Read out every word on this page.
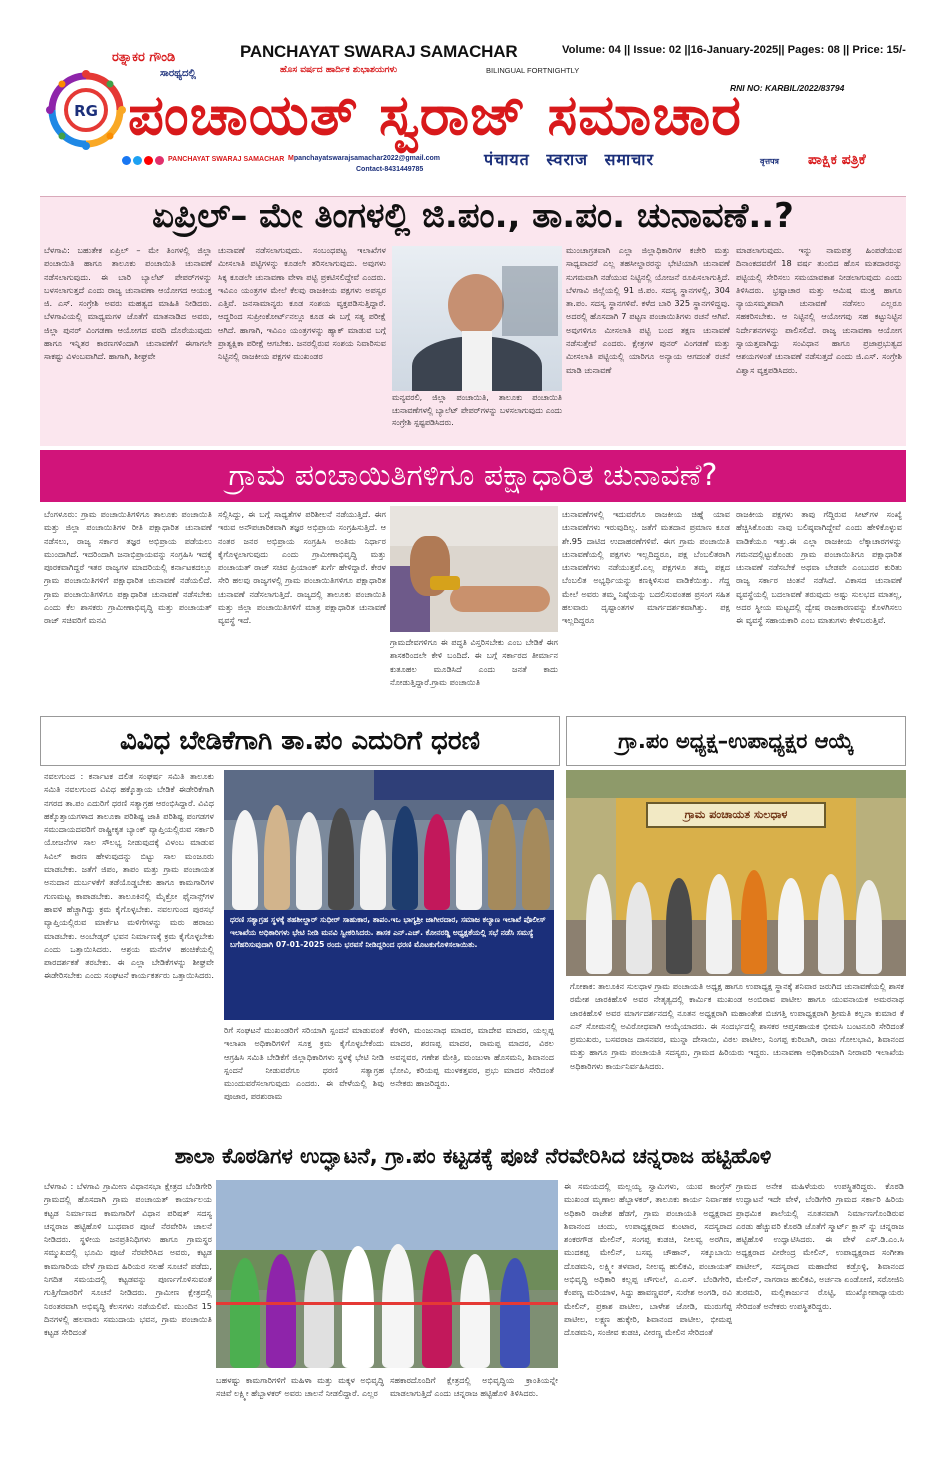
RG
ರತ್ನಾಕರ ಗೌಂಡಿ
ಸಾರಥ್ಯದಲ್ಲಿ
PANCHAYAT SWARAJ SAMACHAR
ಹೊಸ ವರ್ಷದ ಹಾರ್ದಿಕ ಶುಭಾಶಯಗಳು	BILINGUAL FORTNIGHTLY
Volume: 04 || Issue: 02 ||16-January-2025|| Pages: 08 || Price: 15/-
RNI NO: KARBIL/2022/83794
ಪಂಚಾಯತ್ ಸ್ವರಾಜ್ ಸಮಾಚಾರ
PANCHAYAT SWARAJ SAMACHAR Mpanchayatswarajsamachar2022@gmail.com
Contact-8431449785
पंचायत स्वराज समाचार	वृत्तपत्र ಪಾಕ್ಷಿಕ ಪತ್ರಿಕೆ
ಏಪ್ರಿಲ್– ಮೇ ತಿಂಗಳಲ್ಲಿ ಜಿ.ಪಂ., ತಾ.ಪಂ. ಚುನಾವಣೆ..?

ಬೆಳಗಾವಿ: ಬಹುತೇಕ ಏಪ್ರಿಲ್ – ಮೇ ತಿಂಗಳಲ್ಲಿ ಜಿಲ್ಲಾ ಪಂಚಾಯಿತಿ ಹಾಗೂ ತಾಲೂಕು ಪಂಚಾಯಿತಿ ಚುನಾವಣೆ ನಡೆಸಲಾಗುವುದು. ಈ ಬಾರಿ ಬ್ಯಾಲೆಟ್ ಪೇಪರ್‌ಗಳನ್ನು ಬಳಸಲಾಗುತ್ತದೆ ಎಂದು ರಾಜ್ಯ ಚುನಾವಣಾ ಆಯೋಗದ ಆಯುಕ್ತ ಜಿ. ಎಸ್. ಸಂಗ್ರೇಶಿ ಅವರು ಮಹತ್ವದ ಮಾಹಿತಿ ನೀಡಿದರು. ಬೆಳಗಾವಿಯಲ್ಲಿ ಮಾಧ್ಯಮಗಳ ಜೊತೆಗೆ ಮಾತನಾಡಿದ ಅವರು, ಜಿಲ್ಲಾ ಪುನರ್ ವಿಂಗಡಣಾ ಆಯೋಗದ ವರದಿ ದೊರೆಯುವುದು ಹಾಗೂ ಇನ್ನಿತರ ಕಾರಣಗಳಿಂದಾಗಿ ಚುನಾವಣೆಗೆ ಈಗಾಗಲೇ ಸಾಕಷ್ಟು ವಿಳಂಬವಾಗಿದೆ. ಹಾಗಾಗಿ, ಶೀಘ್ರವೇ

ಚುನಾವಣೆ ನಡೆಸಲಾಗುವುದು. ಸಂಬಂಧಪಟ್ಟ ಇಲಾಖೆಗಳ ಮೀಸಲಾತಿ ಪಟ್ಟಿಗಳನ್ನು ಕೂಡಲೇ ತರಿಸಲಾಗುವುದು. ಅವುಗಳು ಸಿಕ್ಕ ಕೂಡಲೇ ಚುನಾವಣಾ ವೇಳಾ ಪಟ್ಟಿ ಪ್ರಕಟಿಸಲಿದ್ದೇವೆ ಎಂದರು. ಇವಿಎಂ ಯಂತ್ರಗಳ ಮೇಲೆ ಕೆಲವು ರಾಜಕೀಯ ಪಕ್ಷಗಳು ಅಪಸ್ವರ ಎತ್ತಿವೆ. ಜನಸಾಮಾನ್ಯರು ಕೂಡ ಸಂಶಯ ವ್ಯಕ್ತಪಡಿಸುತ್ತಿದ್ದಾರೆ. ಆದ್ದರಿಂದ ಸುಪ್ರೀಂಕೋರ್ಟ್‌ನಲ್ಲೂ ಕೂಡ ಈ ಬಗ್ಗೆ ಸತ್ಯ ಪರೀಕ್ಷೆ ಆಗಿದೆ. ಹಾಗಾಗಿ, ಇವಿಎಂ ಯಂತ್ರಗಳನ್ನು ಹ್ಯಾಕ್ ಮಾಡುವ ಬಗ್ಗೆ ಪ್ರಾತ್ಯಕ್ಷಿಕಾ ಪರೀಕ್ಷೆ ಆಗಬೇಕು. ಜನರಲ್ಲಿರುವ ಸಂಶಯ ನಿವಾರಿಸುವ ನಿಟ್ಟಿನಲ್ಲಿ ರಾಜಕೀಯ ಪಕ್ಷಗಳ ಮುಖಂಡರ

ಮನ್ಯವರಲಿ, ಜಿಲ್ಲಾ ಪಂಚಾಯಿತಿ, ತಾಲೂಕು ಪಂಚಾಯಿತಿ ಚುನಾವಣೆಗಳಲ್ಲಿ ಬ್ಯಾಲೆಟ್ ಪೇಪರ್‌ಗಳನ್ನು ಬಳಸಲಾಗುವುದು ಎಂದು ಸಂಗ್ರೇಶಿ ಸ್ಪಷ್ಟಪಡಿಸಿದರು.

ಮುಂಚಾಗ್ರತವಾಗಿ ಎಲ್ಲಾ ಜಿಲ್ಲಾಧಿಕಾರಿಗಳ ಕಚೇರಿ ಮತ್ತು ಸಾಧ್ಯವಾದರೆ ಎಲ್ಲ ತಹಸೀಲ್ದಾರರನ್ನು ಭೇಟಿಯಾಗಿ ಚುನಾವಣೆ ಸುಗಮವಾಗಿ ನಡೆಯುವ ನಿಟ್ಟಿನಲ್ಲಿ ಯೋಜನೆ ರೂಪಿಸಲಾಗುತ್ತಿದೆ. ಬೆಳಗಾವಿ ಜಿಲ್ಲೆಯಲ್ಲಿ 91 ಜಿ.ಪಂ. ಸದಸ್ಯ ಸ್ಥಾನಗಳಲ್ಲಿ, 304 ತಾ.ಪಂ. ಸದಸ್ಯ ಸ್ಥಾನಗಳಿವೆ. ಕಳೆದ ಬಾರಿ 325 ಸ್ಥಾನಗಳಿದ್ದವು. ಅದರಲ್ಲಿ ಹೊಸದಾಗಿ 7 ಪಟ್ಟಣ ಪಂಚಾಯಿತಿಗಳು ರಚನೆ ಆಗಿವೆ. ಅವುಗಳಿಗೂ ಮೀಸಲಾತಿ ಪಟ್ಟಿ ಬಂದ ತಕ್ಷಣ ಚುನಾವಣೆ ನಡೆಸುತ್ತೇವೆ ಎಂದರು. ಕ್ಷೇತ್ರಗಳ ಪುನರ್ ವಿಂಗಡಣೆ ಮತ್ತು ಮೀಸಲಾತಿ ಪಟ್ಟಿಯಲ್ಲಿ ಯಾರಿಗೂ ಅನ್ಯಾಯ ಆಗದಂತೆ ರಚನೆ ಮಾಡಿ ಚುನಾವಣೆ

ಮಾಡಲಾಗುವುದು. ಇನ್ನು ನಾಮಪತ್ರ ಹಿಂಪಡೆಯುವ ದಿನಾಂಕದವರೆಗೆ 18 ವರ್ಷ ತುಂಬಿದ ಹೊಸ ಮತದಾರರನ್ನು ಪಟ್ಟಿಯಲ್ಲಿ ಸೇರಿಸಲು ಸಮಯಾವಕಾಶ ನೀಡಲಾಗುವುದು ಎಂದು ತಿಳಿಸಿದರು. ಭ್ರಷ್ಟಾಚಾರ ಮತ್ತು ಆಮಿಷ ಮುಕ್ತ ಹಾಗೂ ನ್ಯಾಯಸಮ್ಮತವಾಗಿ ಚುನಾವಣೆ ನಡೆಸಲು ಎಲ್ಲರೂ ಸಹಕರಿಸಬೇಕು. ಆ ನಿಟ್ಟಿನಲ್ಲಿ ಆಯೋಗವು ಸಹ ಕಟ್ಟುನಿಟ್ಟಿನ ನಿರ್ದೇಶನಗಳನ್ನು ಪಾಲಿಸಲಿದೆ. ರಾಜ್ಯ ಚುನಾವಣಾ ಆಯೋಗ ಸ್ವಾಯತ್ತವಾಗಿದ್ದು ಸಂವಿಧಾನ ಹಾಗೂ ಪ್ರಜಾಪ್ರಭುತ್ವದ ಆಶಯಗಳಂತೆ ಚುನಾವಣೆ ನಡೆಸುತ್ತದೆ ಎಂದು ಜಿ.ಎಸ್. ಸಂಗ್ರೇಶಿ ವಿಶ್ವಾಸ ವ್ಯಕ್ತಪಡಿಸಿದರು.

ಗ್ರಾಮ ಪಂಚಾಯಿತಿಗಳಿಗೂ ಪಕ್ಷಾಧಾರಿತ ಚುನಾವಣೆ?

ಬೆಂಗಳೂರು: ಗ್ರಾಮ ಪಂಚಾಯಿತಿಗಳಿಗೂ ತಾಲೂಕು ಪಂಚಾಯಿತಿ ಮತ್ತು ಜಿಲ್ಲಾ ಪಂಚಾಯಿತಿಗಳ ರೀತಿ ಪಕ್ಷಾಧಾರಿತ ಚುನಾವಣೆ ನಡೆಸಲು, ರಾಜ್ಯ ಸರ್ಕಾರ ತಜ್ಞರ ಅಭಿಪ್ರಾಯ ಪಡೆಯಲು ಮುಂದಾಗಿದೆ. ಇದರಿಂದಾಗಿ ಜನಾಭಿಪ್ರಾಯವನ್ನು ಸಂಗ್ರಹಿಸಿ ಇದಕ್ಕೆ ಪೂರಕವಾಗಿದ್ದರೆ ಇತರ ರಾಜ್ಯಗಳ ಮಾದರಿಯಲ್ಲಿ ಕರ್ನಾಟಕದಲ್ಲೂ ಗ್ರಾಮ ಪಂಚಾಯಿತಿಗಳಿಗೆ ಪಕ್ಷಾಧಾರಿತ ಚುನಾವಣೆ ನಡೆಯಲಿದೆ. ಗ್ರಾಮ ಪಂಚಾಯಿತಿಗಳಿಗೂ ಪಕ್ಷಾಧಾರಿತ ಚುನಾವಣೆ ನಡೆಸಬೇಕು ಎಂದು ಕೆಲ ಶಾಸಕರು ಗ್ರಾಮೀಣಾಭಿವೃದ್ಧಿ ಮತ್ತು ಪಂಚಾಯತ್ ರಾಜ್ ಸಚಿವರಿಗೆ ಮನವಿ

ಸಲ್ಲಿಸಿದ್ದು, ಈ ಬಗ್ಗೆ ಸಾಧ್ಯತೆಗಳ ಪರಿಶೀಲನೆ ನಡೆಯುತ್ತಿದೆ. ಈಗ ಇರುವ ಅನೌಪಚಾರಿಕವಾಗಿ ತಜ್ಞರ ಅಭಿಪ್ರಾಯ ಸಂಗ್ರಹಿಸುತ್ತಿದೆ. ಆ ನಂತರ ಜನರ ಅಭಿಪ್ರಾಯ ಸಂಗ್ರಹಿಸಿ ಅಂತಿಮ ನಿರ್ಧಾರ ಕೈಗೊಳ್ಳಲಾಗುವುದು ಎಂದು ಗ್ರಾಮೀಣಾಭಿವೃದ್ಧಿ ಮತ್ತು ಪಂಚಾಯತ್ ರಾಜ್ ಸಚಿವ ಪ್ರಿಯಾಂಕ್ ಖರ್ಗೆ ಹೇಳಿದ್ದಾರೆ. ಕೇರಳ ಸೇರಿ ಹಲವು ರಾಜ್ಯಗಳಲ್ಲಿ ಗ್ರಾಮ ಪಂಚಾಯಿತಿಗಳಿಗೂ ಪಕ್ಷಾಧಾರಿತ ಚುನಾವಣೆ ನಡೆಸಲಾಗುತ್ತಿದೆ. ರಾಜ್ಯದಲ್ಲಿ ತಾಲೂಕು ಪಂಚಾಯಿತಿ ಮತ್ತು ಜಿಲ್ಲಾ ಪಂಚಾಯಿತಿಗಳಿಗೆ ಮಾತ್ರ ಪಕ್ಷಾಧಾರಿತ ಚುನಾವಣೆ ವ್ಯವಸ್ಥೆ ಇದೆ.

ಗ್ರಾಮದೇವಗಳಿಗೂ ಈ ಪದ್ಧತಿ ವಿಸ್ತರಿಸಬೇಕು ಎಂಬ ಬೇಡಿಕೆ ಈಗ ಶಾಸಕರಿಂದಲೇ ಕೇಳಿ ಬಂದಿದೆ. ಈ ಬಗ್ಗೆ ಸರ್ಕಾರದ ತೀರ್ಮಾನ ಕುತೂಹಲ ಮೂಡಿಸಿದೆ ಎಂದು ಜನತೆ ಕಾದು ನೋಡುತ್ತಿದ್ದಾರೆ.ಗ್ರಾಮ ಪಂಚಾಯಿತಿ

ಚುನಾವಣೆಗಳಲ್ಲಿ ಇದುವರೆಗೂ ರಾಜಕೀಯ ಚಿಹ್ನೆ ಯಾವ ಚುನಾವಣೆಗಳು ಇರುವುದಿಲ್ಲ. ಜತೆಗೆ ಮತದಾನ ಪ್ರಮಾಣ ಕೂಡ ಶೇ.95 ದಾಟಿದ ಉದಾಹರಣೆಗಳಿವೆ. ಈಗ ಗ್ರಾಮ ಪಂಚಾಯಿತಿ ಚುನಾವಣೆಯಲ್ಲಿ ಪಕ್ಷಗಳು ಇಲ್ಲದಿದ್ದರೂ, ಪಕ್ಷ ಬೆಂಬಲಿತರಾಗಿ ಚುನಾವಣೆಗಳು ನಡೆಯುತ್ತವೆ.ಎಲ್ಲ ಪಕ್ಷಗಳೂ ತಮ್ಮ ಪಕ್ಷದ ಬೆಂಬಲಿತ ಅಭ್ಯರ್ಥಿಯನ್ನು ಕಣಕ್ಕಿಳಿಸುವ ವಾಡಿಕೆಯಿತ್ತು. ಗೆದ್ದ ಮೇಲೆ ಅವರು ತಮ್ಮ ನಿಷ್ಠೆಯನ್ನು ಬದಲಿಸುವಂತಹ ಪ್ರಸಂಗ ಸಹಿತ ಹಲವಾರು ದೃಷ್ಟಾಂತಗಳ ಮಾರ್ಗದರ್ಶಕವಾಗಿತ್ತು. ಪಕ್ಷ ಇಲ್ಲದಿದ್ದರೂ

ರಾಜಕೀಯ ಪಕ್ಷಗಳು ತಾವು ಗೆದ್ದಿರುವ ಸೀಟ್‌ಗಳ ಸಂಖ್ಯೆ ಹೆಚ್ಚಿಸಿಕೊಂಡು ನಾವು ಬಲಿಷ್ಠವಾಗಿದ್ದೇವೆ ಎಂದು ಹೇಳಿಕೊಳ್ಳುವ ವಾಡಿಕೆಯೂ ಇತ್ತು.ಈ ಎಲ್ಲಾ ರಾಜಕೀಯ ಲೆಕ್ಕಾಚಾರಗಳನ್ನು ಗಮನದಲ್ಲಿಟ್ಟುಕೊಂಡು ಗ್ರಾಮ ಪಂಚಾಯಿತಿಗೂ ಪಕ್ಷಾಧಾರಿತ ಚುನಾವಣೆ ನಡೆಸಬೇಕೆ ಅಥವಾ ಬೇಡವೇ ಎಂಬುದರ ಕುರಿತು ರಾಜ್ಯ ಸರ್ಕಾರ ಚಿಂತನೆ ನಡೆಸಿದೆ. ವಿಕಾಸದ ಚುನಾವಣೆ ವ್ಯವಸ್ಥೆಯಲ್ಲಿ ಬದಲಾವಣೆ ತರುವುದು ಅಷ್ಟು ಸುಲಭದ ಮಾತಲ್ಲ, ಅದರ ಸ್ಥೀಯ ಮಟ್ಟದಲ್ಲಿ ದ್ವೇಷ ರಾಜಕಾರಣವನ್ನು ಕೊಳಗಿಸಲು ಈ ವ್ಯವಸ್ಥೆ ಸಹಾಯಕಾರಿ ಎಂಬ ಮಾತುಗಳು ಕೇಳಿಬರುತ್ತಿವೆ.

ವಿವಿಧ ಬೇಡಿಕೆಗಾಗಿ ತಾ.ಪಂ ಎದುರಿಗೆ ಧರಣಿ

ನವಲಗುಂದ : ಕರ್ನಾಟಕ ದಲಿತ ಸಂಘರ್ಷ ಸಮಿತಿ ತಾಲೂಕು ಸಮಿತಿ ನವಲಗುಂದ ವಿವಿಧ ಹಕ್ಕೊತ್ತಾಯ ಬೇಡಿಕೆ ಈಡೇರಿಕೆಗಾಗಿ ನಗರದ ತಾ.ಪಂ ಎದುರಿಗೆ ಧರಣಿ ಸತ್ಯಾಗ್ರಹ ಆರಂಭಿಸಿದ್ದಾರೆ. ವಿವಿಧ ಹಕ್ಕೊತ್ತಾಯಗಳಾದ ತಾಲೂಕಾ ಪರಿಶಿಷ್ಟ ಜಾತಿ ಪರಿಶಿಷ್ಟ ಪಂಗಡಗಳ ಸಮುದಾಯದವರಿಗೆ ರಾಷ್ಟ್ರೀಕೃತ ಬ್ಯಾಂಕ್ ವ್ಯಾಪ್ತಿಯಲ್ಲಿರುವ ಸರ್ಕಾರಿ ಯೋಜನೆಗಳ ಸಾಲ ಸೌಲಭ್ಯ ನೀಡುವುದಕ್ಕೆ ವಿಳಂಬ ಮಾಡುವ ಸಿವಿಲ್ ಕಾರಣ ಹೇಳುವುದನ್ನು ಬಿಟ್ಟು ಸಾಲ ಮಂಜೂರು ಮಾಡಬೇಕು. ಜತೆಗೆ ಜಿಪಂ, ತಾಪಂ ಮತ್ತು ಗ್ರಾಮ ಪಂಚಾಯತ ಅನುದಾನ ದುರ್ಬಳಕೆಗೆ ತಡೆಯೊಡ್ಡಬೇಕು ಹಾಗೂ ಕಾಮಗಾರಿಗಳ ಗುಣಮಟ್ಟ ಕಾಪಾಡಬೇಕು. ತಾಲೂಕಿನಲ್ಲಿ ಮೈಕ್ರೋ ಫೈನಾನ್ಸ್‌ಗಳ ಹಾವಳಿ ಹೆಚ್ಚಾಗಿದ್ದು ಕ್ರಮ ಕೈಗೊಳ್ಳಬೇಕು. ನವಲಗುಂದ ಪುರಸಭೆ ವ್ಯಾಪ್ತಿಯಲ್ಲಿರುವ ಮಾರ್ಕೆಟ ಮಳಿಗೆಗಳನ್ನು ಮರು ಹರಾಜು ಮಾಡಬೇಕು. ಅಂಬೇಡ್ಕರ್ ಭವನ ನಿರ್ಮಾಣಕ್ಕೆ ಕ್ರಮ ಕೈಗೊಳ್ಳಬೇಕು ಎಂದು ಒತ್ತಾಯಿಸಿದರು. ಆಶ್ರಯ ಮನೆಗಳ ಹಂಚಿಕೆಯಲ್ಲಿ ಪಾರದರ್ಶಕತೆ ತರಬೇಕು. ಈ ಎಲ್ಲಾ ಬೇಡಿಕೆಗಳನ್ನು ಶೀಘ್ರವೇ ಈಡೇರಿಸಬೇಕು ಎಂದು ಸಂಘಟನೆ ಕಾರ್ಯಕರ್ತರು ಒತ್ತಾಯಿಸಿದರು.

ಧರಣಿ ಸತ್ಯಾಗ್ರಹ ಸ್ಥಳಕ್ಕೆ ತಹಶೀಲ್ದಾರ್ ಸುಧೀರ್ ಸಾಹುಕಾರ, ತಾಪಂ.ಇಒ ಭಾಗ್ಯಶ್ರೀ ಜಾಗೀರದಾರ, ಸಮಾಜ ಕಲ್ಯಾಣ ಇಲಾಖೆ ಪೊಲೀಸ್ ಇಲಾಖೆಯ ಅಧಿಕಾರಿಗಳು ಭೇಟಿ ನೀಡಿ ಮನವಿ ಸ್ವೀಕರಿಸಿದರು. ಶಾಸಕ ಎನ್.ಎಚ್. ಕೋನರಡ್ಡಿ ಅಧ್ಯಕ್ಷತೆಯಲ್ಲಿ ಸಭೆ ನಡೆಸಿ ಸಮಸ್ಯೆ ಬಗೆಹರಿಸುವುದಾಗಿ 07-01-2025 ರಂದು ಭರವಸೆ ನೀಡಿದ್ದರಿಂದ ಧರಣಿ ಮೊಟಕುಗೊಳಿಸಲಾಯಿತು.

ರಿಗೆ ಸಂಘಟನೆ ಮುಖಂಡರಿಗೆ ಸರಿಯಾಗಿ ಸ್ಪಂದನೆ ಮಾಡುವಂತೆ ಇಲಾಖಾ ಅಧಿಕಾರಿಗಳಿಗೆ ಸೂಕ್ತ ಕ್ರಮ ಕೈಗೊಳ್ಳಬೇಕೆಂದು ಆಗ್ರಹಿಸಿ ಸಮಿತಿ ಬೇಡಿಕೆಗೆ ಜಿಲ್ಲಾಧಿಕಾರಿಗಳು ಸ್ಥಳಕ್ಕೆ ಭೇಟಿ ನೀಡಿ ಸ್ಪಂದನೆ ನೀಡುವರೆಗೂ ಧರಣಿ ಸತ್ಯಾಗ್ರಹ ಮುಂದುವರೆಸಲಾಗುವುದು ಎಂದರು. ಈ ವೇಳೆಯಲ್ಲಿ ಶಿವು ಪೂಜಾರ, ಪರಶುರಾಮ

ಕೆರಳಿಗಿ, ಮಂಜುನಾಥ ಮಾದರ, ಮಾದೇವ ಮಾದರ, ಯಲ್ಲಪ್ಪ ಮಾದರ, ಶರಣಪ್ಪ ಮಾದರ, ರಾಮಪ್ಪ ಮಾದರ, ವಿಠಲ ಅವನ್ನವರ, ಗಣೇಶ ಮೇತ್ರಿ, ಮಂಜುಳಾ ಹೊಸಮನಿ, ಶಿವಾನಂದ ಭೋವಿ, ಕರಿಯಪ್ಪ ಮುಳಕತ್ತವರ, ಪ್ರಭು ಮಾದರ ಸೇರಿದಂತೆ ಅನೇಕರು ಹಾಜರಿದ್ದರು.

ಗ್ರಾ.ಪಂ ಅಧ್ಯಕ್ಷ–ಉಪಾಧ್ಯಕ್ಷರ ಆಯ್ಕೆ
ಗ್ರಾಮ ಪಂಚಾಯತ ಸುಲಧಾಳ

ಗೋಕಾಕ: ತಾಲೂಕಿನ ಸುಲಧಾಳ ಗ್ರಾಮ ಪಂಚಾಯತಿ ಅಧ್ಯಕ್ಷ ಹಾಗೂ ಉಪಾಧ್ಯಕ್ಷ ಸ್ಥಾನಕ್ಕೆ ಶನಿವಾರ ಜರುಗಿದ ಚುನಾವಣೆಯಲ್ಲಿ ಶಾಸಕ ರಮೇಶ ಜಾರಕಿಹೊಳಿ ಅವರ ನೇತೃತ್ವದಲ್ಲಿ ಕಾರ್ಮಿಕ ಮುಖಂಡ ಅಂಬಿರಾವ ಪಾಟೀಲ ಹಾಗೂ ಯುವನಾಯಕ ಅಮರನಾಥ ಜಾರಕಿಹೊಳಿ ಅವರ ಮಾರ್ಗದರ್ಶನದಲ್ಲಿ ನೂತನ ಅಧ್ಯಕ್ಷರಾಗಿ ಮಹಾಂತೇಶ ಬಿಚಗತ್ತಿ ಉಪಾಧ್ಯಕ್ಷರಾಗಿ ಶ್ರೀಮತಿ ಕಲ್ಪನಾ ಕುಮಾರ ಕೆ ಎನ್ ಸೋಮನಲ್ಲಿ ಅವಿರೋಧವಾಗಿ ಆಯ್ಕೆಯಾದರು. ಈ ಸಂದರ್ಭದಲ್ಲಿ ಶಾಸಕರ ಆಪ್ತಸಹಾಯಕ ಭೀಮಸಿ ಬಂಟನೂರಿ ಸೇರಿದಂತೆ ಪ್ರಮುಖರು, ಬಸವರಾಜ ದಾಸನವರ, ಮುನ್ನಾ ದೇಸಾಯಿ, ವಿಠಲ ಪಾಟೀಲ, ನಿಂಗಪ್ಪ ಕುರಿಬಾಗಿ, ರಾಜು ಗೋಲಭಾವಿ, ಶಿವಾನಂದ ಮತ್ತು ಹಾಗೂ ಗ್ರಾಮ ಪಂಚಾಯತಿ ಸದಸ್ಯರು, ಗ್ರಾಮದ ಹಿರಿಯರು ಇದ್ದರು. ಚುನಾವಣಾ ಅಧಿಕಾರಿಯಾಗಿ ನೀರಾವರಿ ಇಲಾಖೆಯ ಅಧಿಕಾರಿಗಳು ಕಾರ್ಯನಿರ್ವಹಿಸಿದರು.

ಶಾಲಾ ಕೊಠಡಿಗಳ ಉದ್ಘಾಟನೆ, ಗ್ರಾ.ಪಂ ಕಟ್ಟಡಕ್ಕೆ ಪೂಜೆ ನೆರವೇರಿಸಿದ ಚನ್ನರಾಜ ಹಟ್ಟಿಹೊಳಿ

ಬೆಳಗಾವಿ : ಬೆಳಗಾವಿ ಗ್ರಾಮೀಣ ವಿಧಾನಸಭಾ ಕ್ಷೇತ್ರದ ಬೆಂಡಿಗೇರಿ ಗ್ರಾಮದಲ್ಲಿ ಹೊಸದಾಗಿ ಗ್ರಾಮ ಪಂಚಾಯತ್ ಕಾರ್ಯಾಲಯ ಕಟ್ಟಡ ನಿರ್ಮಾಣದ ಕಾಮಗಾರಿಗೆ ವಿಧಾನ ಪರಿಷತ್ ಸದಸ್ಯ ಚನ್ನರಾಜ ಹಟ್ಟಿಹೊಳಿ ಬುಧವಾರ ಪೂಜೆ ನೆರವೇರಿಸಿ ಚಾಲನೆ ನೀಡಿದರು. ಸ್ಥಳೀಯ ಜನಪ್ರತಿನಿಧಿಗಳು ಹಾಗೂ ಗ್ರಾಮಸ್ಥರ ಸಮ್ಮುಖದಲ್ಲಿ ಭೂಮಿ ಪೂಜೆ ನೆರವೇರಿಸಿದ ಅವರು, ಕಟ್ಟಡ ಕಾಮಗಾರಿಯ ವೇಳೆ ಗ್ರಾಮದ ಹಿರಿಯರ ಸಲಹೆ ಸೂಚನೆ ಪಡೆದು, ನಿಗದಿತ ಸಮಯದಲ್ಲಿ ಕಟ್ಟಡವನ್ನು ಪೂರ್ಣಗೊಳಿಸುವಂತೆ ಗುತ್ತಿಗೆದಾರರಿಗೆ ಸೂಚನೆ ನೀಡಿದರು. ಗ್ರಾಮೀಣ ಕ್ಷೇತ್ರದಲ್ಲಿ ನಿರಂತರವಾಗಿ ಅಭಿವೃದ್ಧಿ ಕೆಲಸಗಳು ನಡೆಯಲಿವೆ. ಮುಂದಿನ 15 ದಿನಗಳಲ್ಲಿ ಹಲವಾರು ಸಮುದಾಯ ಭವನ, ಗ್ರಾಮ ಪಂಚಾಯಿತಿ ಕಟ್ಟಡ ಸೇರಿದಂತೆ

ಬಹಳಷ್ಟು ಕಾಮಗಾರಿಗಳಿಗೆ ಮಹಿಳಾ ಮತ್ತು ಮಕ್ಕಳ ಅಭಿವೃದ್ಧಿ ಸಚಿವೆ ಲಕ್ಷ್ಮೀ ಹೆಬ್ಬಾಳಕರ್ ಅವರು ಚಾಲನೆ ನೀಡಲಿದ್ದಾರೆ. ಎಲ್ಲರ

ಸಹಕಾರದೊಂದಿಗೆ ಕ್ಷೇತ್ರದಲ್ಲಿ ಅಭಿವೃದ್ಧಿಯ ಕ್ರಾಂತಿಯನ್ನೇ ಮಾಡಲಾಗುತ್ತಿದೆ ಎಂದು ಚನ್ನರಾಜ ಹಟ್ಟಿಹೊಳಿ ತಿಳಿಸಿದರು.

ಈ ಸಮಯದಲ್ಲಿ ಮಲ್ಲಯ್ಯ ಸ್ವಾಮಿಗಳು, ಯುವ ಕಾಂಗ್ರೆಸ್ ಮುಖಂಡ ಮೃಣಾಲ ಹೆಬ್ಬಾಳಕರ್, ತಾಲೂಕು ಕಾರ್ಯ ನಿರ್ವಾಹಕ ಅಧಿಕಾರಿ ರಾಜೇಶ ಹೆಡಗೆ, ಗ್ರಾಮ ಪಂಚಾಯತಿ ಅಧ್ಯಕ್ಷರಾದ ಶಿವಾನಂದ ಚಂದು, ಉಪಾಧ್ಯಕ್ಷರಾದ ಕುಂಟಾರ, ಸದಸ್ಯರಾದ ಶಂಕರಗೌಡ ಮೇಲಿನ್, ಸಂಗಪ್ಪ ಕುಡಚಿ, ನೀಲವ್ವ ಅರಗಿಣ, ಮುದಕಪ್ಪ ಮೇಲಿನ್, ಬಸವ್ವ ಚೌಹಾನ್, ಸಕ್ಕೂಬಾಯಿ ದೊಡಮನಿ, ಲಕ್ಷ್ಮೀ ತಳವಾರ, ನೀಲವ್ವ ಹುಲಿಕವಿ, ಪಂಚಾಯತ್ ಅಭಿವೃದ್ಧಿ ಅಧಿಕಾರಿ ಕಲ್ಲಪ್ಪ ಚೌಗುಲೆ, ಎ.ಎಸ್. ಬೆಂಡಿಗೇರಿ, ಕೆಂಪಣ್ಣ ಮರಿಯಾಳ, ಸಿದ್ದು ಹಾವಣ್ಣವರ್, ಸುರೇಶ ಅಂಗಡಿ, ರವಿ ಮೇಲಿನ್, ಪ್ರಕಾಶ ಪಾಟೀಲ, ಬಾಳೇಶ ಜೋಡಿ, ಮುರುಗೆಪ್ಪ ಪಾಟೀಲ, ಲಕ್ಷ್ಮಣ ಹುಕ್ಕೇರಿ, ಶಿವಾನಂದ ಪಾಟೀಲ, ಭೀಮಪ್ಪ ದೊಡಮನಿ, ಸಂಜೀವ ಕುಡಚಿ, ವೀರಣ್ಣ ಮೇಲಿನ ಸೇರಿದಂತೆ

ಗ್ರಾಮದ ಅನೇಕ ಮಹಿಳೆಯರು ಉಪಸ್ಥಿತರಿದ್ದರು. ಕೊಠಡಿ ಉದ್ಘಾಟನೆ ಇದೇ ವೇಳೆ, ಬೆಂಡಿಗೇರಿ ಗ್ರಾಮದ ಸರ್ಕಾರಿ ಹಿರಿಯ ಪ್ರಾಥಮಿಕ ಶಾಲೆಯಲ್ಲಿ ನೂತನವಾಗಿ ನಿರ್ಮಾಣಗೊಂಡಿರುವ ಎರಡು ಹೆಚ್ಚುವರಿ ಕೊಠಡಿ ಜೊತೆಗೆ ಸ್ಮಾರ್ಟ್ ಕ್ಲಾಸ್ ನ್ನು ಚನ್ನರಾಜ ಹಟ್ಟಿಹೊಳಿ ಉದ್ಘಾಟಿಸಿದರು. ಈ ವೇಳೆ ಎಸ್.ಡಿ.ಎಂ.ಸಿ ಅಧ್ಯಕ್ಷರಾದ ವೀರೇಂದ್ರ ಮೇಲಿನ್, ಉಪಾಧ್ಯಕ್ಷರಾದ ಸಂಗೀತಾ ಪಾಟೀಲ್, ಸದಸ್ಯರಾದ ಮಹಾದೇವ ಕಡ್ರೊಳ್ಳಿ, ಶಿವಾನಂದ ಮೇಲಿನ್, ನಾಗರಾಜ ಹುಲಿಕವಿ, ಅರ್ಚನಾ ಏಂಡೋಣಿ, ಸರೋಜಿನಿ ತುರಮರಿ, ಮಲ್ಲಿಕಾರ್ಜುನ ರೊಟ್ಟಿ, ಮುಖ್ಯೋಪಾಧ್ಯಾಯರು ಸೇರಿದಂತೆ ಅನೇಕರು ಉಪಸ್ಥಿತರಿದ್ದರು.
